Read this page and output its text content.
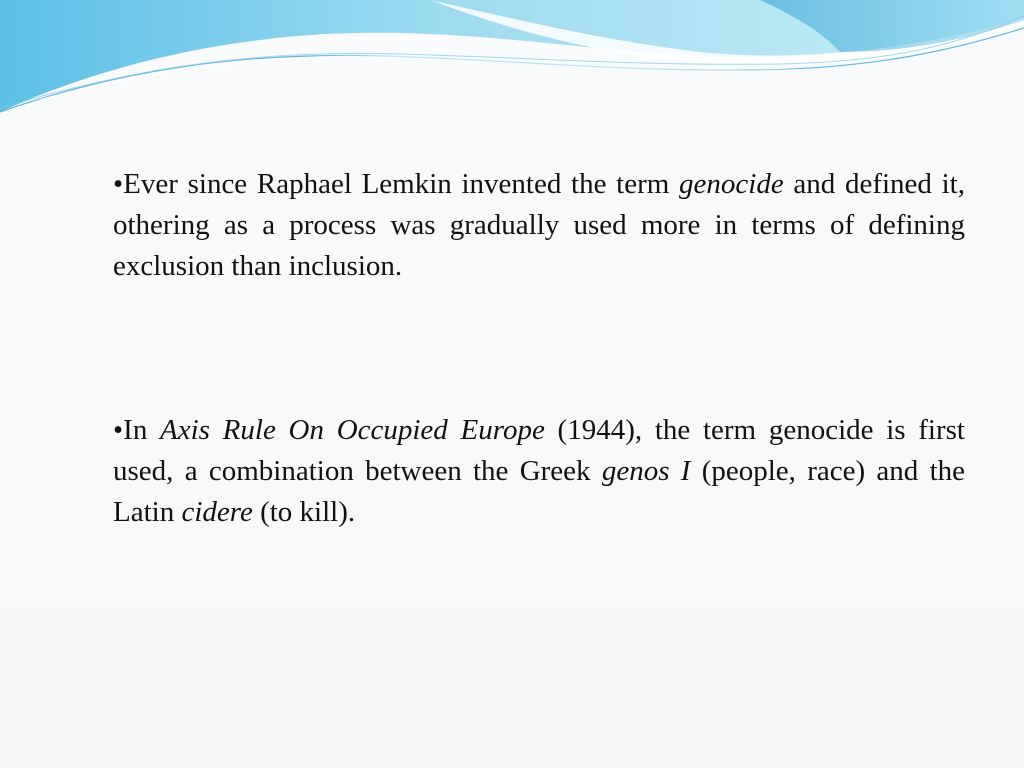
•Ever since Raphael Lemkin invented the term genocide and defined it, othering as a process was gradually used more in terms of defining exclusion than inclusion.

•In Axis Rule On Occupied Europe (1944), the term genocide is first used, a combination between the Greek genos I (people, race) and the Latin cidere (to kill).
